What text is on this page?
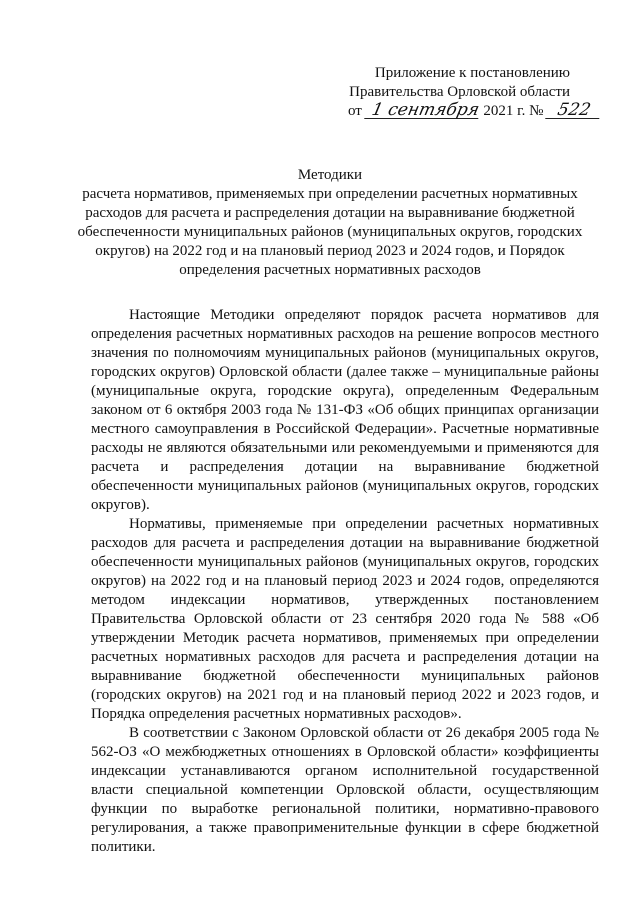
Приложение к постановлению
Правительства Орловской области
от 1 сентября 2021 г. № 522
Методики
расчета нормативов, применяемых при определении расчетных нормативных расходов для расчета и распределения дотации на выравнивание бюджетной обеспеченности муниципальных районов (муниципальных округов, городских округов) на 2022 год и на плановый период 2023 и 2024 годов, и Порядок определения расчетных нормативных расходов

Настоящие Методики определяют порядок расчета нормативов для определения расчетных нормативных расходов на решение вопросов местного значения по полномочиям муниципальных районов (муниципальных округов, городских округов) Орловской области (далее также – муниципальные районы (муниципальные округа, городские округа), определенным Федеральным законом от 6 октября 2003 года № 131-ФЗ «Об общих принципах организации местного самоуправления в Российской Федерации». Расчетные нормативные расходы не являются обязательными или рекомендуемыми и применяются для расчета и распределения дотации на выравнивание бюджетной обеспеченности муниципальных районов (муниципальных округов, городских округов).

Нормативы, применяемые при определении расчетных нормативных расходов для расчета и распределения дотации на выравнивание бюджетной обеспеченности муниципальных районов (муниципальных округов, городских округов) на 2022 год и на плановый период 2023 и 2024 годов, определяются методом индексации нормативов, утвержденных постановлением Правительства Орловской области от 23 сентября 2020 года № 588 «Об утверждении Методик расчета нормативов, применяемых при определении расчетных нормативных расходов для расчета и распределения дотации на выравнивание бюджетной обеспеченности муниципальных районов (городских округов) на 2021 год и на плановый период 2022 и 2023 годов, и Порядка определения расчетных нормативных расходов».

В соответствии с Законом Орловской области от 26 декабря 2005 года № 562-ОЗ «О межбюджетных отношениях в Орловской области» коэффициенты индексации устанавливаются органом исполнительной государственной власти специальной компетенции Орловской области, осуществляющим функции по выработке региональной политики, нормативно-правового регулирования, а также правоприменительные функции в сфере бюджетной политики.
